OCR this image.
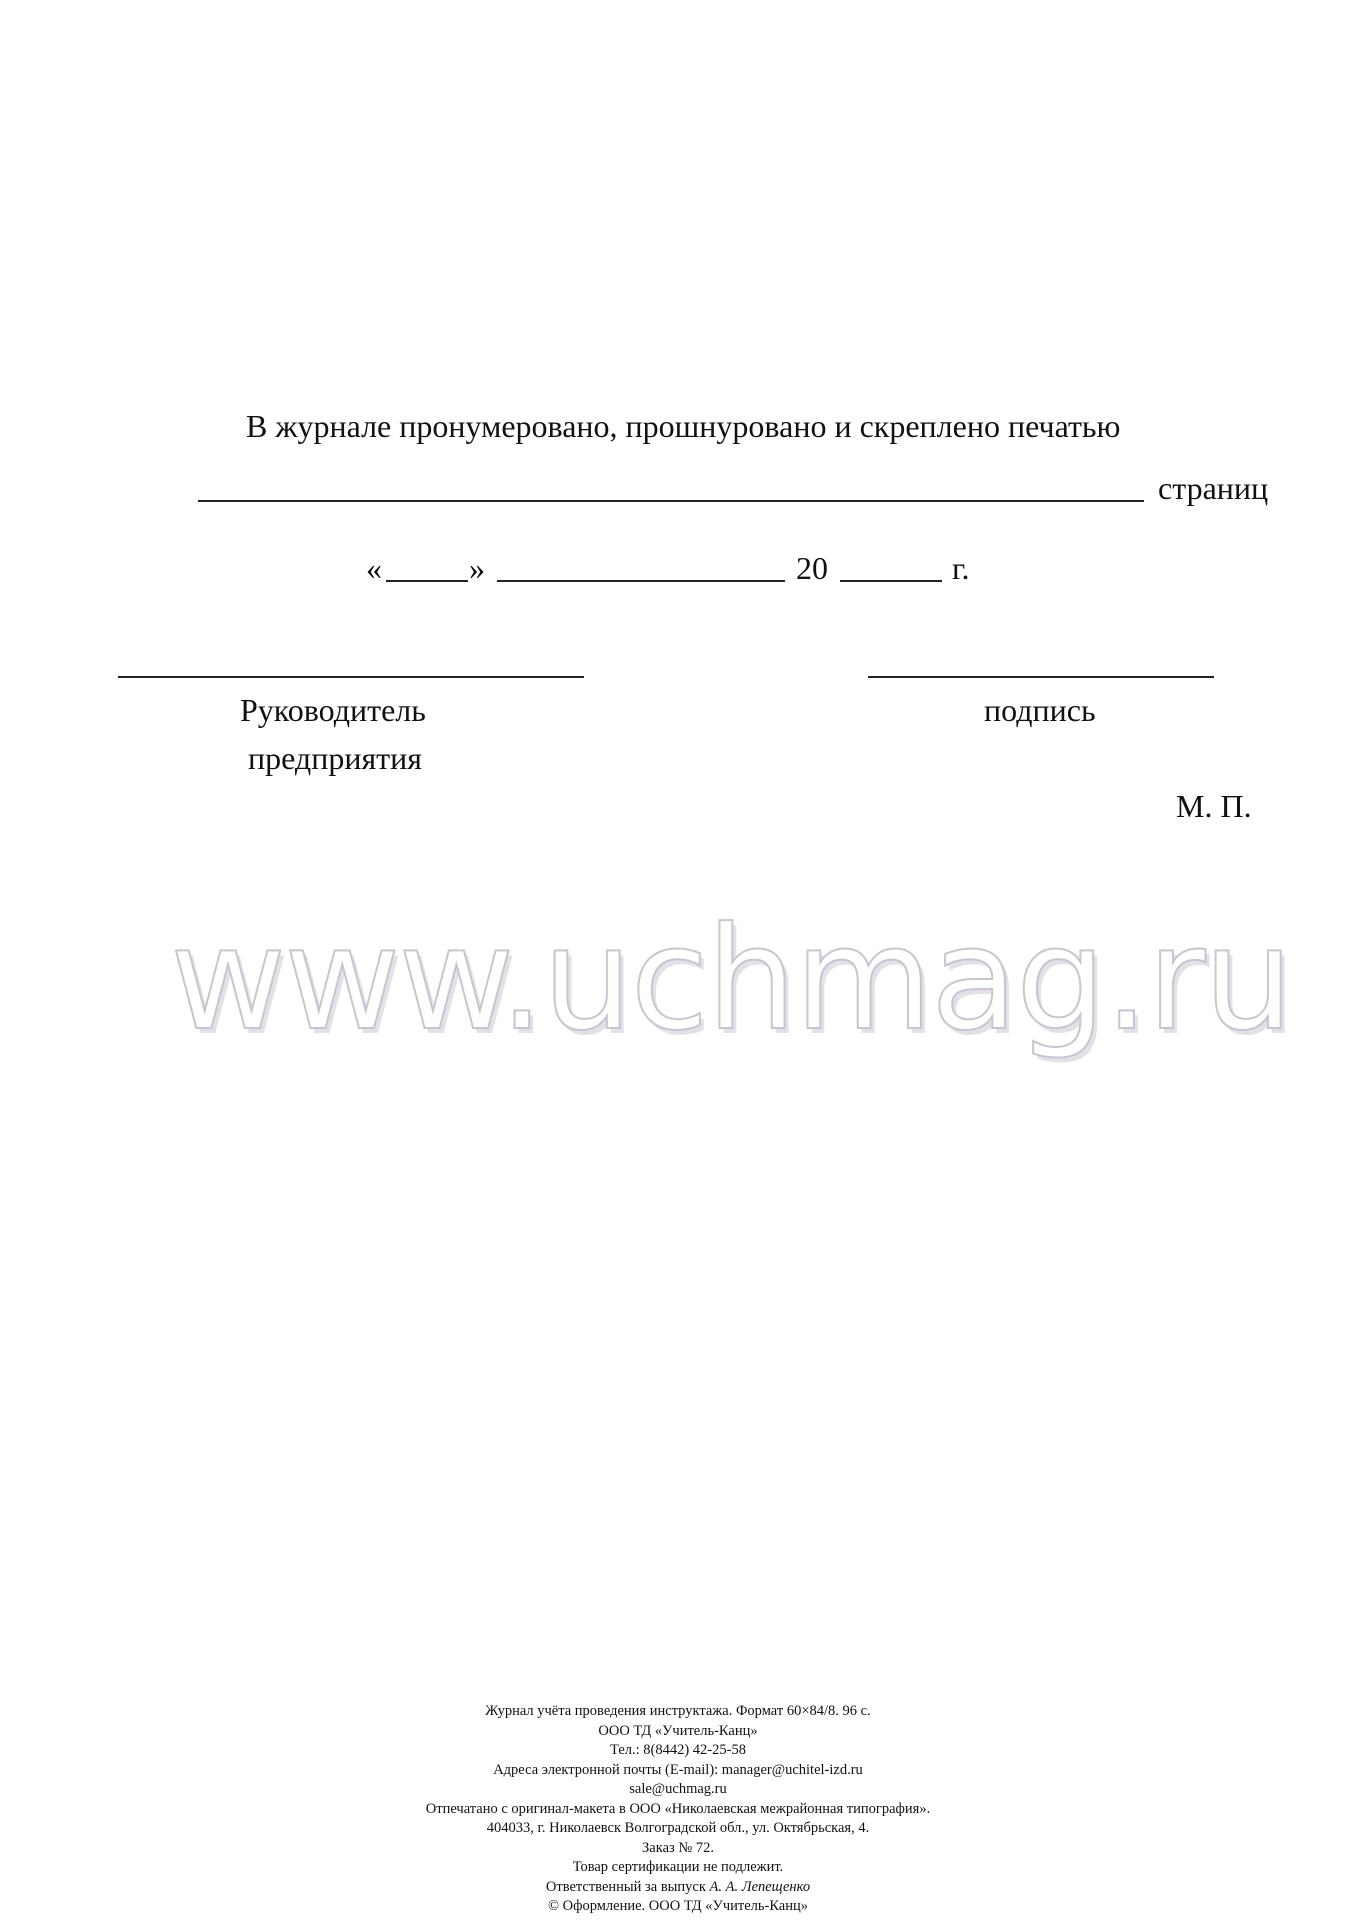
В журнале пронумеровано, прошнуровано и скреплено печатью
страниц
«	»	20	г.
Руководитель
предприятия
подпись
М. П.
www.uchmag.ru
Журнал учёта проведения инструктажа. Формат 60×84/8. 96 с.
ООО ТД «Учитель-Канц»
Тел.: 8(8442) 42-25-58
Адреса электронной почты (E-mail): manager@uchitel-izd.ru
sale@uchmag.ru
Отпечатано с оригинал-макета в ООО «Николаевская межрайонная типография».
404033, г. Николаевск Волгоградской обл., ул. Октябрьская, 4.
Заказ № 72.
Товар сертификации не подлежит.
Ответственный за выпуск А. А. Лепещенко
© Оформление. ООО ТД «Учитель-Канц»
